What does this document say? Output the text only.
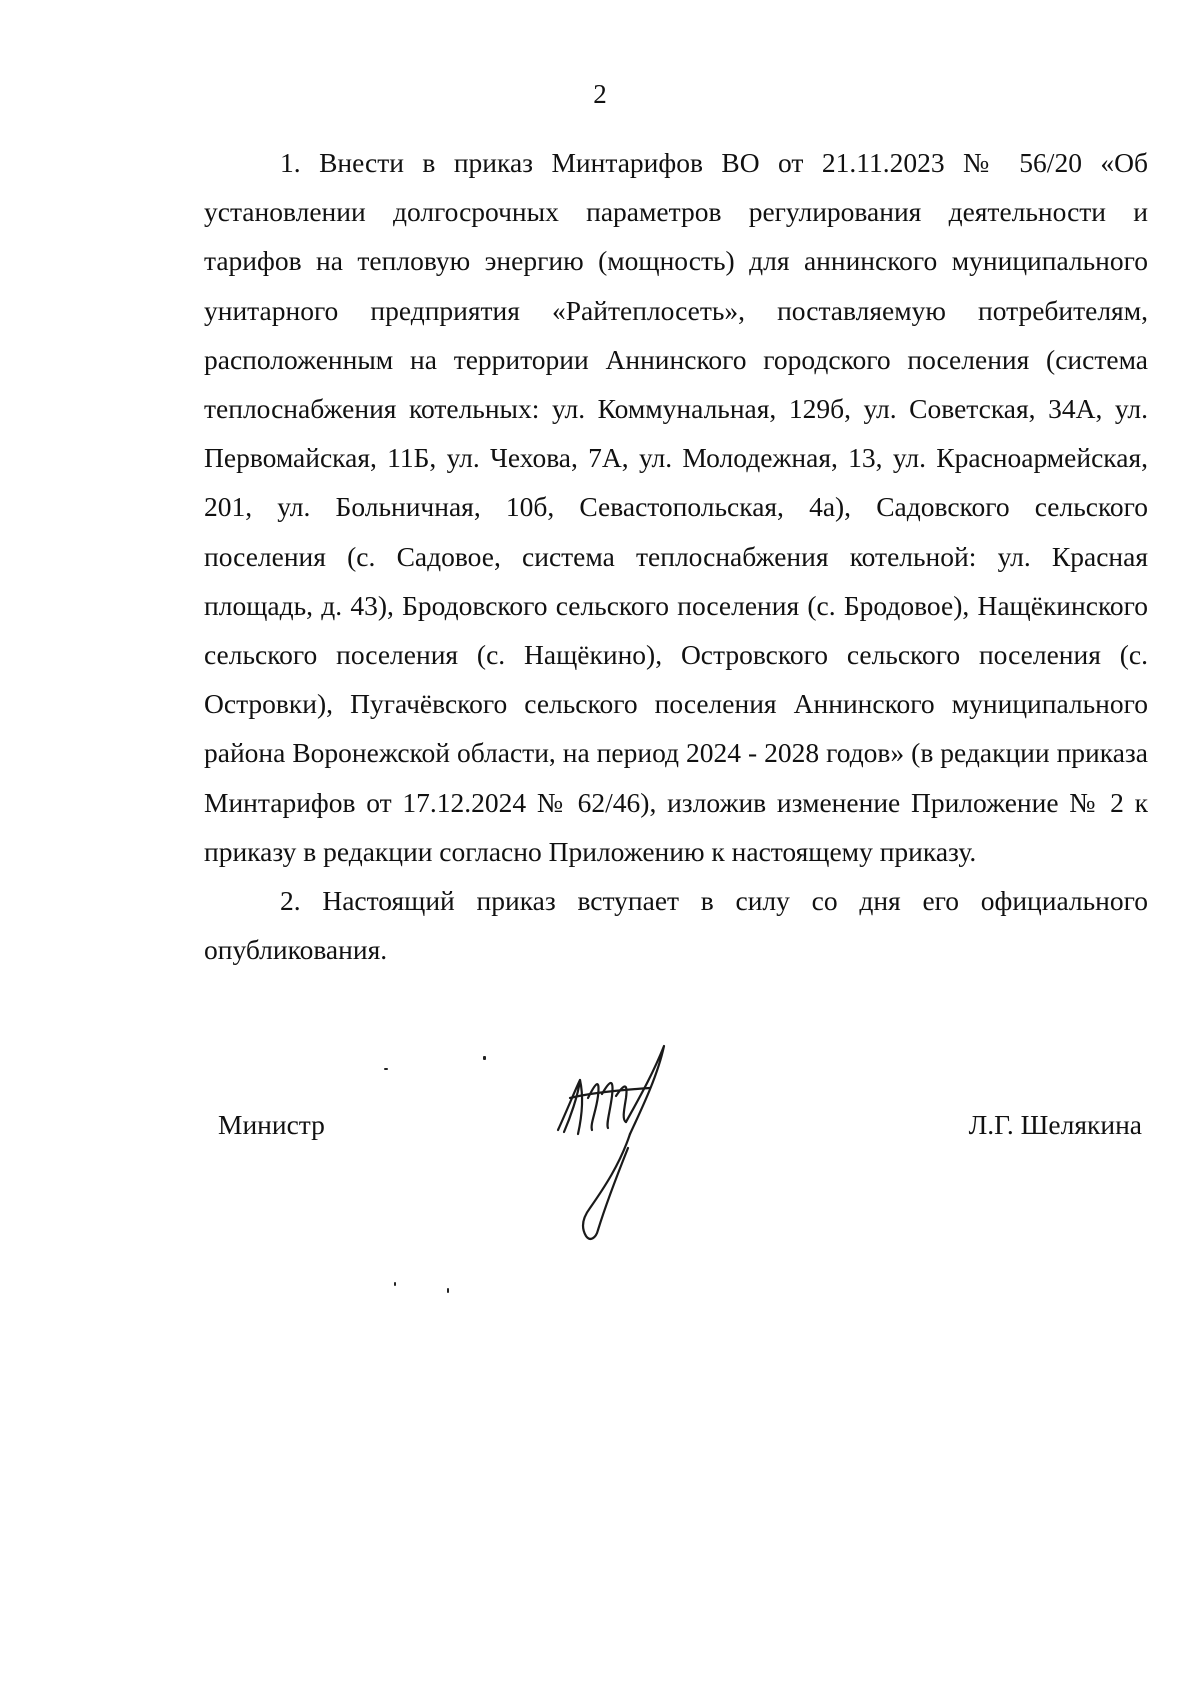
2

1. Внести в приказ Минтарифов ВО от 21.11.2023 № 56/20 «Об установлении долгосрочных параметров регулирования деятельности и тарифов на тепловую энергию (мощность) для аннинского муниципального унитарного предприятия «Райтеплосеть», поставляемую потребителям, расположенным на территории Аннинского городского поселения (система теплоснабжения котельных: ул. Коммунальная, 129б, ул. Советская, 34А, ул. Первомайская, 11Б, ул. Чехова, 7А, ул. Молодежная, 13, ул. Красноармейская, 201, ул. Больничная, 10б, Севастопольская, 4а), Садовского сельского поселения (с. Садовое, система теплоснабжения котельной: ул. Красная площадь, д. 43), Бродовского сельского поселения (с. Бродовое), Нащёкинского сельского поселения (с. Нащёкино), Островского сельского поселения (с. Островки), Пугачёвского сельского поселения Аннинского муниципального района Воронежской области, на период 2024 - 2028 годов» (в редакции приказа Минтарифов от 17.12.2024 № 62/46), изложив изменение Приложение № 2 к приказу в редакции согласно Приложению к настоящему приказу.

2. Настоящий приказ вступает в силу со дня его официального опубликования.

Министр	Л.Г. Шелякина
